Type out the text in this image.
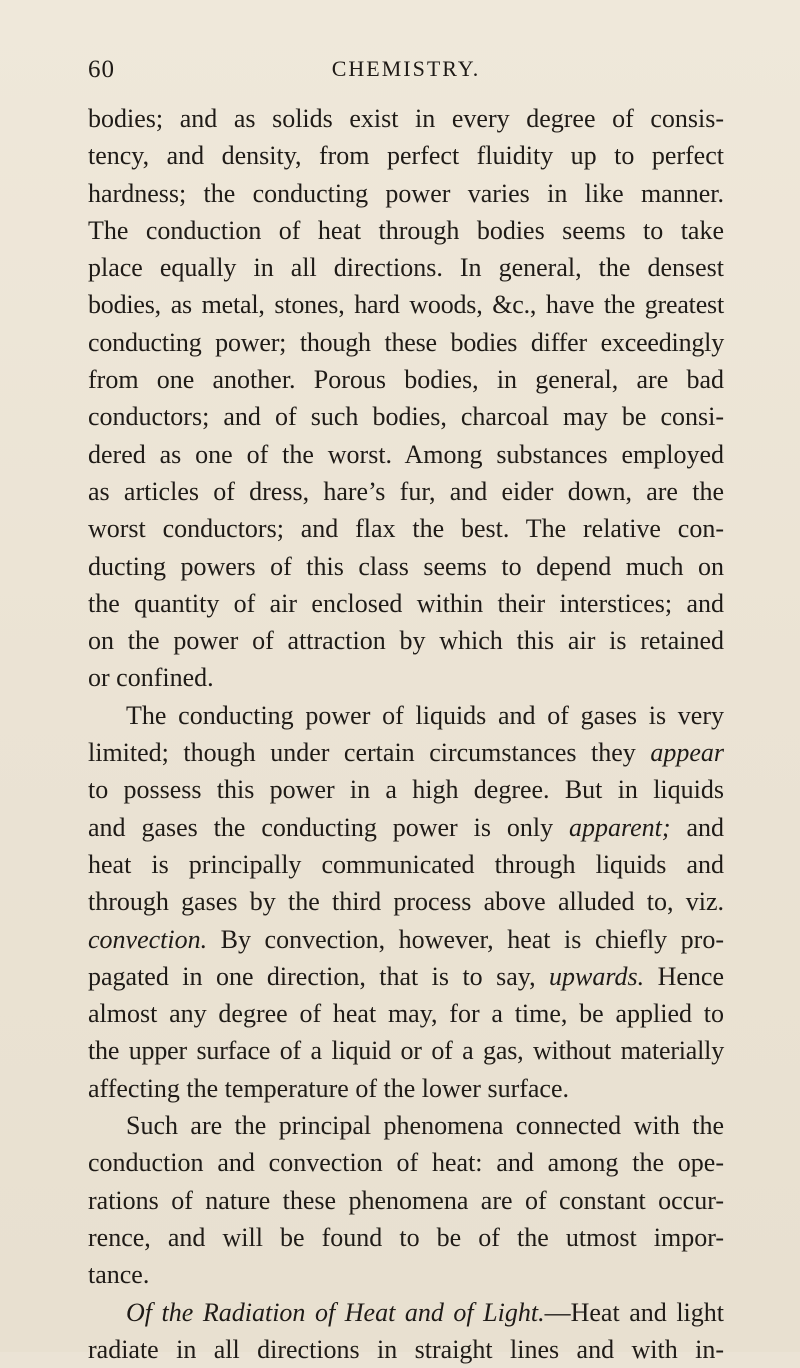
60	CHEMISTRY.
bodies; and as solids exist in every degree of consis-
tency, and density, from perfect fluidity up to perfect
hardness; the conducting power varies in like manner.
The conduction of heat through bodies seems to take
place equally in all directions. In general, the densest
bodies, as metal, stones, hard woods, &c., have the greatest
conducting power; though these bodies differ exceedingly
from one another. Porous bodies, in general, are bad
conductors; and of such bodies, charcoal may be consi-
dered as one of the worst. Among substances employed
as articles of dress, hare’s fur, and eider down, are the
worst conductors; and flax the best. The relative con-
ducting powers of this class seems to depend much on
the quantity of air enclosed within their interstices; and
on the power of attraction by which this air is retained
or confined.
The conducting power of liquids and of gases is very
limited; though under certain circumstances they appear
to possess this power in a high degree. But in liquids
and gases the conducting power is only apparent; and
heat is principally communicated through liquids and
through gases by the third process above alluded to, viz.
convection. By convection, however, heat is chiefly pro-
pagated in one direction, that is to say, upwards. Hence
almost any degree of heat may, for a time, be applied to
the upper surface of a liquid or of a gas, without materially
affecting the temperature of the lower surface.
Such are the principal phenomena connected with the
conduction and convection of heat: and among the ope-
rations of nature these phenomena are of constant occur-
rence, and will be found to be of the utmost impor-
tance.
Of the Radiation of Heat and of Light.—Heat and light
radiate in all directions in straight lines and with in-
